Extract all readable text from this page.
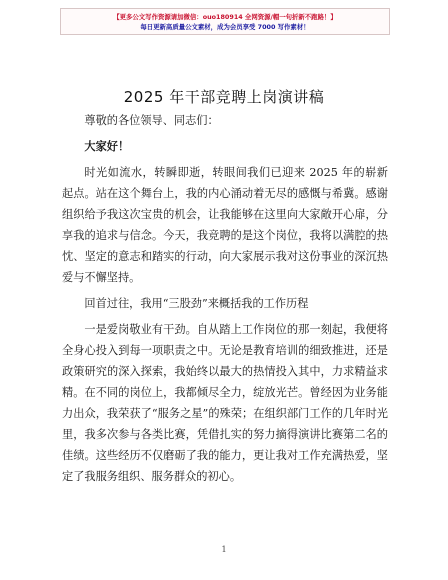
【更多公文写作资源请加微信：ouo180914 全网资源/帽一句折新不跑路！】
每日更新高质量公文素材，成为会员享受 7000 写作素材！
2025 年干部竞聘上岗演讲稿

尊敬的各位领导、同志们：

大家好！

时光如流水，转瞬即逝，转眼间我们已迎来 2025 年的崭新起点。站在这个舞台上，我的内心涌动着无尽的感慨与希冀。感谢组织给予我这次宝贵的机会，让我能够在这里向大家敞开心扉，分享我的追求与信念。今天，我竞聘的是这个岗位，我将以满腔的热忱、坚定的意志和踏实的行动，向大家展示我对这份事业的深沉热爱与不懈坚持。

回首过往，我用“三股劲”来概括我的工作历程

一是爱岗敬业有干劲。自从踏上工作岗位的那一刻起，我便将全身心投入到每一项职责之中。无论是教育培训的细致推进，还是政策研究的深入探索，我始终以最大的热情投入其中，力求精益求精。在不同的岗位上，我都倾尽全力，绽放光芒。曾经因为业务能力出众，我荣获了“服务之星”的殊荣；在组织部门工作的几年时光里，我多次参与各类比赛，凭借扎实的努力摘得演讲比赛第二名的佳绩。这些经历不仅磨砺了我的能力，更让我对工作充满热爱，坚定了我服务组织、服务群众的初心。

1
